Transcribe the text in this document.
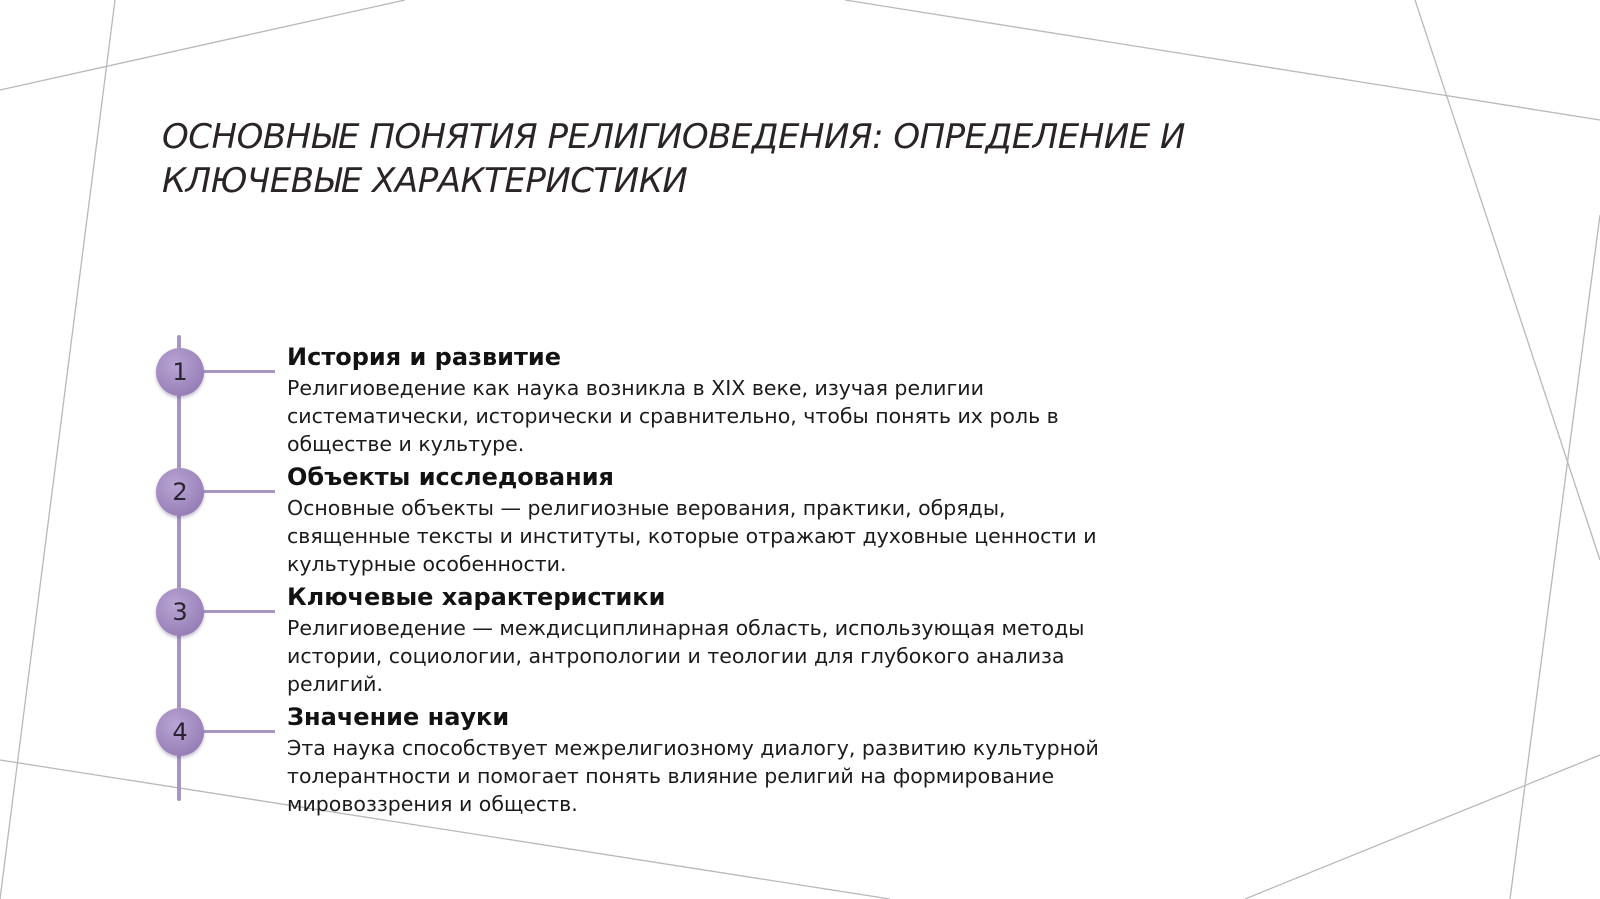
ОСНОВНЫЕ ПОНЯТИЯ РЕЛИГИОВЕДЕНИЯ: ОПРЕДЕЛЕНИЕ И КЛЮЧЕВЫЕ ХАРАКТЕРИСТИКИ
1
История и развитие

Религиоведение как наука возникла в XIX веке, изучая религии систематически, исторически и сравнительно, чтобы понять их роль в обществе и культуре.

2
Объекты исследования

Основные объекты — религиозные верования, практики, обряды, священные тексты и институты, которые отражают духовные ценности и культурные особенности.

3
Ключевые характеристики

Религиоведение — междисциплинарная область, использующая методы истории, социологии, антропологии и теологии для глубокого анализа религий.

4
Значение науки

Эта наука способствует межрелигиозному диалогу, развитию культурной толерантности и помогает понять влияние религий на формирование мировоззрения и обществ.
